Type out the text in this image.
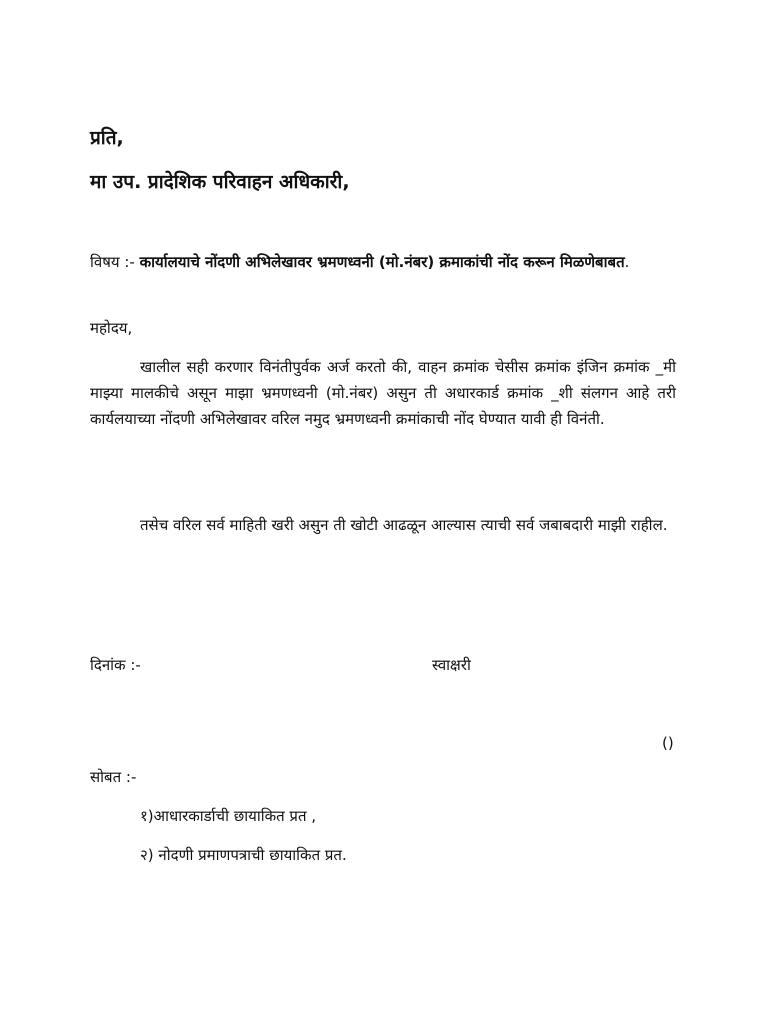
प्रति,
मा उप. प्रादेशिक परिवाहन अधिकारी,
विषय :- कार्यालयाचे नोंदणी अभिलेखावर भ्रमणध्वनी (मो.नंबर) क्रमाकांची नोंद करून मिळणेबाबत.
महोदय,
खालील सही करणार विनंतीपुर्वक अर्ज करतो की, वाहन क्रमांक चेसीस क्रमांक इंजिन क्रमांक _मी माझ्या मालकीचे असून माझा भ्रमणध्वनी (मो.नंबर) असुन ती अधारकार्ड क्रमांक _शी संलगन आहे तरी कार्यलयाच्या नोंदणी अभिलेखावर वरिल नमुद भ्रमणध्वनी क्रमांकाची नोंद घेण्यात यावी ही विनंती.
तसेच वरिल सर्व माहिती खरी असुन ती खोटी आढळून आल्यास त्याची सर्व जबाबदारी माझी राहील.
दिनांक :-	स्वाक्षरी
()
सोबत :-
१)आधारकार्डाची छायाकित प्रत ,
२) नोदणी प्रमाणपत्राची छायाकित प्रत.
